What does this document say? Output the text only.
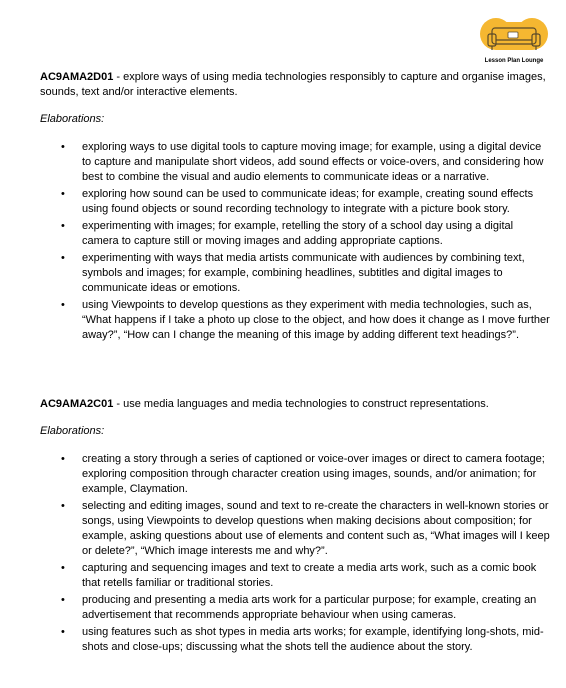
Lesson Plan Lounge

AC9AMA2D01 - explore ways of using media technologies responsibly to capture and organise images, sounds, text and/or interactive elements.

Elaborations:

• exploring ways to use digital tools to capture moving image; for example, using a digital device to capture and manipulate short videos, add sound effects or voice-overs, and considering how best to combine the visual and audio elements to communicate ideas or a narrative.
• exploring how sound can be used to communicate ideas; for example, creating sound effects using found objects or sound recording technology to integrate with a picture book story.
• experimenting with images; for example, retelling the story of a school day using a digital camera to capture still or moving images and adding appropriate captions.
• experimenting with ways that media artists communicate with audiences by combining text, symbols and images; for example, combining headlines, subtitles and digital images to communicate ideas or emotions.
• using Viewpoints to develop questions as they experiment with media technologies, such as, “What happens if I take a photo up close to the object, and how does it change as I move further away?”, “How can I change the meaning of this image by adding different text headings?”.

AC9AMA2C01 - use media languages and media technologies to construct representations.

Elaborations:

• creating a story through a series of captioned or voice-over images or direct to camera footage; exploring composition through character creation using images, sounds, and/or animation; for example, Claymation.
• selecting and editing images, sound and text to re-create the characters in well-known stories or songs, using Viewpoints to develop questions when making decisions about composition; for example, asking questions about use of elements and content such as, “What images will I keep or delete?”, “Which image interests me and why?”.
• capturing and sequencing images and text to create a media arts work, such as a comic book that retells familiar or traditional stories.
• producing and presenting a media arts work for a particular purpose; for example, creating an advertisement that recommends appropriate behaviour when using cameras.
• using features such as shot types in media arts works; for example, identifying long-shots, mid-shots and close-ups; discussing what the shots tell the audience about the story.
